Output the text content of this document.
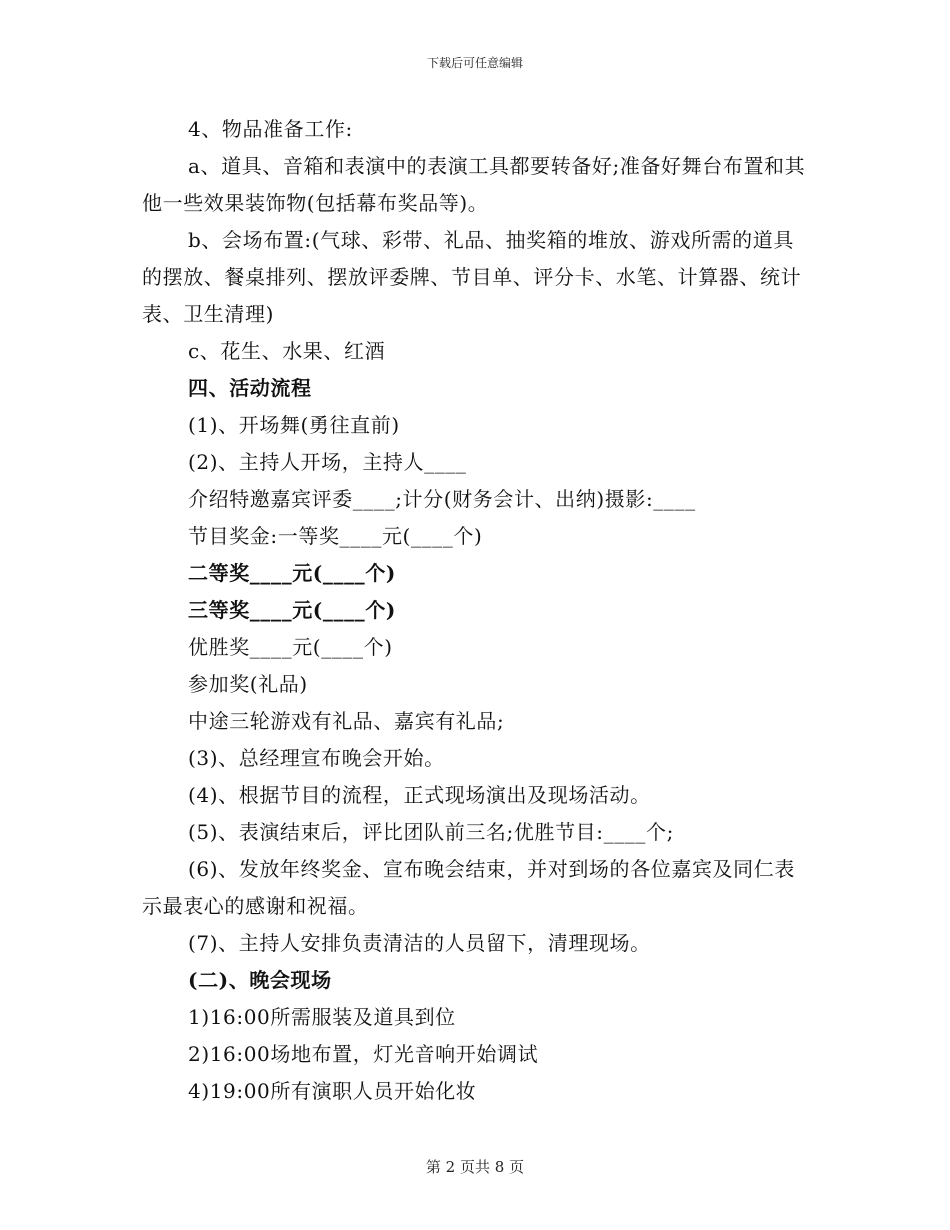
下载后可任意编辑

4、物品准备工作:

a、道具、音箱和表演中的表演工具都要转备好;准备好舞台布置和其他一些效果装饰物(包括幕布奖品等)。

b、会场布置:(气球、彩带、礼品、抽奖箱的堆放、游戏所需的道具的摆放、餐桌排列、摆放评委牌、节目单、评分卡、水笔、计算器、统计表、卫生清理)

c、花生、水果、红酒

四、活动流程

(1)、开场舞(勇往直前)

(2)、主持人开场，主持人____

介绍特邀嘉宾评委____;计分(财务会计、出纳)摄影:____

节目奖金:一等奖____元(____个)

二等奖____元(____个)

三等奖____元(____个)

优胜奖____元(____个)

参加奖(礼品)

中途三轮游戏有礼品、嘉宾有礼品;

(3)、总经理宣布晚会开始。

(4)、根据节目的流程，正式现场演出及现场活动。

(5)、表演结束后，评比团队前三名;优胜节目:____个;

(6)、发放年终奖金、宣布晚会结束，并对到场的各位嘉宾及同仁表示最衷心的感谢和祝福。

(7)、主持人安排负责清洁的人员留下，清理现场。

(二)、晚会现场

1)16:00所需服装及道具到位

2)16:00场地布置，灯光音响开始调试

4)19:00所有演职人员开始化妆

第 2 页共 8 页
